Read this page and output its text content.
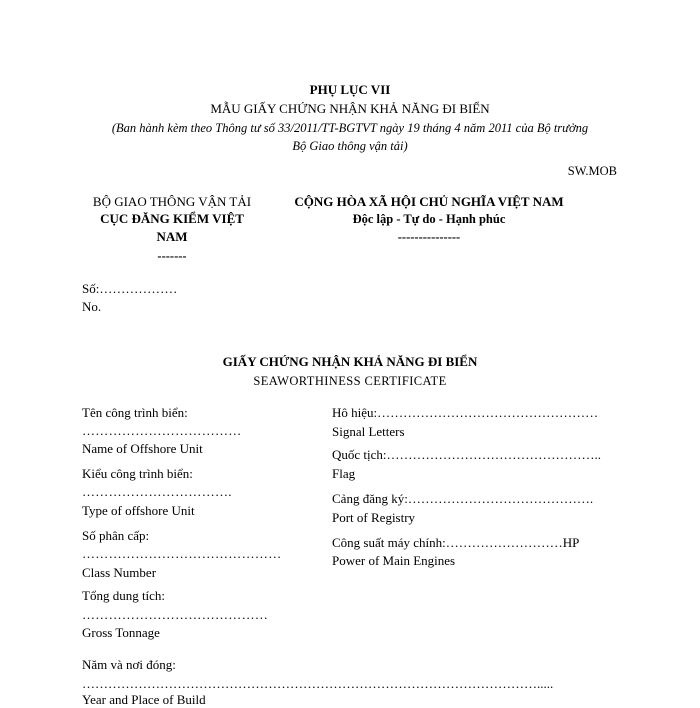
PHỤ LỤC VII
MẪU GIẤY CHỨNG NHẬN KHẢ NĂNG ĐI BIỂN
(Ban hành kèm theo Thông tư số 33/2011/TT-BGTVT ngày 19 tháng 4 năm 2011 của Bộ trưởng
Bộ Giao thông vận tải)
SW.MOB
BỘ GIAO THÔNG VẬN TẢI
CỤC ĐĂNG KIỂM VIỆT
NAM
-------
CỘNG HÒA XÃ HỘI CHỦ NGHĨA VIỆT NAM
Độc lập - Tự do - Hạnh phúc
---------------
Số:………………
No.
GIẤY CHỨNG NHẬN KHẢ NĂNG ĐI BIỂN
SEAWORTHINESS CERTIFICATE
Tên công trình biển:
………………………………
Name of Offshore Unit
Kiểu công trình biển:
…………………………….
Type of offshore Unit
Số phân cấp:
………………………………………
Class Number
Tổng dung tích:
……………………………………
Gross Tonnage
Hô hiệu:……………………………………………
Signal Letters
Quốc tịch:…………………………………………..
Flag
Cảng đăng ký:…………………………………….
Port of Registry
Công suất máy chính:………………………HP
Power of Main Engines
Năm và nơi đóng:
…………………………………………………………………………………………….....
Year and Place of Build
